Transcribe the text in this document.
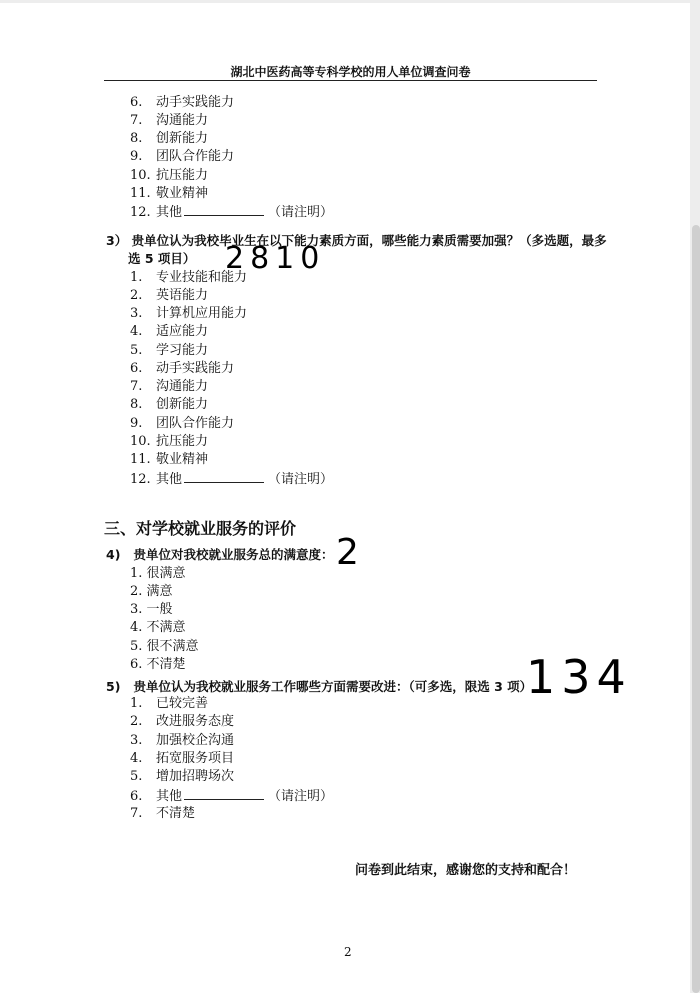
湖北中医药高等专科学校的用人单位调查问卷
6. 动手实践能力
7. 沟通能力
8. 创新能力
9. 团队合作能力
10. 抗压能力
11. 敬业精神
12. 其他	（请注明）
3） 贵单位认为我校毕业生在以下能力素质方面，哪些能力素质需要加强？（多选题，最多
选 5 项目） 2810
1. 专业技能和能力
2. 英语能力
3. 计算机应用能力
4. 适应能力
5. 学习能力
6. 动手实践能力
7. 沟通能力
8. 创新能力
9. 团队合作能力
10. 抗压能力
11. 敬业精神
12. 其他	（请注明）
三、对学校就业服务的评价
4) 贵单位对我校就业服务总的满意度： 2
1. 很满意
2. 满意
3. 一般
4. 不满意
5. 很不满意
6. 不清楚
5) 贵单位认为我校就业服务工作哪些方面需要改进：（可多选，限选 3 项）
134
1. 已较完善
2. 改进服务态度
3. 加强校企沟通
4. 拓宽服务项目
5. 增加招聘场次
6. 其他	（请注明）
7. 不清楚
问卷到此结束，感谢您的支持和配合！
2
